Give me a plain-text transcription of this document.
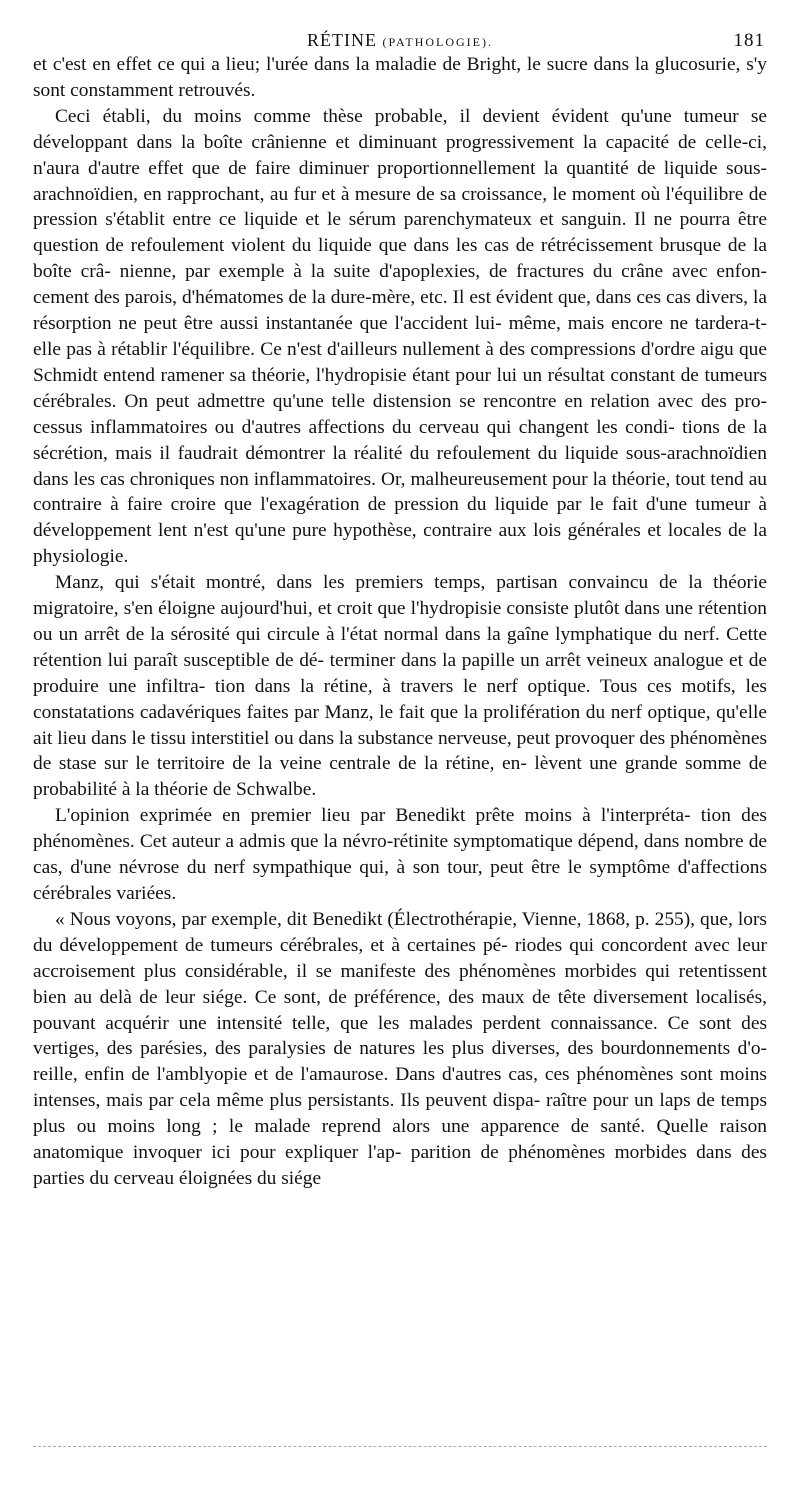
RÉTINE (PATHOLOGIE).	181

et c'est en effet ce qui a lieu; l'urée dans la maladie de Bright, le sucre dans la glucosurie, s'y sont constamment retrouvés.

Ceci établi, du moins comme thèse probable, il devient évident qu'une tumeur se développant dans la boîte crânienne et diminuant progressivement la capacité de celle-ci, n'aura d'autre effet que de faire diminuer proportionnellement la quantité de liquide sous-arachnoïdien, en rapprochant, au fur et à mesure de sa croissance, le moment où l'équilibre de pression s'établit entre ce liquide et le sérum parenchymateux et sanguin. Il ne pourra être question de refoulement violent du liquide que dans les cas de rétrécissement brusque de la boîte crâ- nienne, par exemple à la suite d'apoplexies, de fractures du crâne avec enfon- cement des parois, d'hématomes de la dure-mère, etc. Il est évident que, dans ces cas divers, la résorption ne peut être aussi instantanée que l'accident lui- même, mais encore ne tardera-t-elle pas à rétablir l'équilibre. Ce n'est d'ailleurs nullement à des compressions d'ordre aigu que Schmidt entend ramener sa théorie, l'hydropisie étant pour lui un résultat constant de tumeurs cérébrales. On peut admettre qu'une telle distension se rencontre en relation avec des pro- cessus inflammatoires ou d'autres affections du cerveau qui changent les condi- tions de la sécrétion, mais il faudrait démontrer la réalité du refoulement du liquide sous-arachnoïdien dans les cas chroniques non inflammatoires. Or, malheureusement pour la théorie, tout tend au contraire à faire croire que l'exagération de pression du liquide par le fait d'une tumeur à développement lent n'est qu'une pure hypothèse, contraire aux lois générales et locales de la physiologie.

Manz, qui s'était montré, dans les premiers temps, partisan convaincu de la théorie migratoire, s'en éloigne aujourd'hui, et croit que l'hydropisie consiste plutôt dans une rétention ou un arrêt de la sérosité qui circule à l'état normal dans la gaîne lymphatique du nerf. Cette rétention lui paraît susceptible de dé- terminer dans la papille un arrêt veineux analogue et de produire une infiltra- tion dans la rétine, à travers le nerf optique. Tous ces motifs, les constatations cadavériques faites par Manz, le fait que la prolifération du nerf optique, qu'elle ait lieu dans le tissu interstitiel ou dans la substance nerveuse, peut provoquer des phénomènes de stase sur le territoire de la veine centrale de la rétine, en- lèvent une grande somme de probabilité à la théorie de Schwalbe.

L'opinion exprimée en premier lieu par Benedikt prête moins à l'interpréta- tion des phénomènes. Cet auteur a admis que la névro-rétinite symptomatique dépend, dans nombre de cas, d'une névrose du nerf sympathique qui, à son tour, peut être le symptôme d'affections cérébrales variées.

« Nous voyons, par exemple, dit Benedikt (Électrothérapie, Vienne, 1868, p. 255), que, lors du développement de tumeurs cérébrales, et à certaines pé- riodes qui concordent avec leur accroisement plus considérable, il se manifeste des phénomènes morbides qui retentissent bien au delà de leur siége. Ce sont, de préférence, des maux de tête diversement localisés, pouvant acquérir une intensité telle, que les malades perdent connaissance. Ce sont des vertiges, des parésies, des paralysies de natures les plus diverses, des bourdonnements d'o- reille, enfin de l'amblyopie et de l'amaurose. Dans d'autres cas, ces phénomènes sont moins intenses, mais par cela même plus persistants. Ils peuvent dispa- raître pour un laps de temps plus ou moins long ; le malade reprend alors une apparence de santé. Quelle raison anatomique invoquer ici pour expliquer l'ap- parition de phénomènes morbides dans des parties du cerveau éloignées du siége
